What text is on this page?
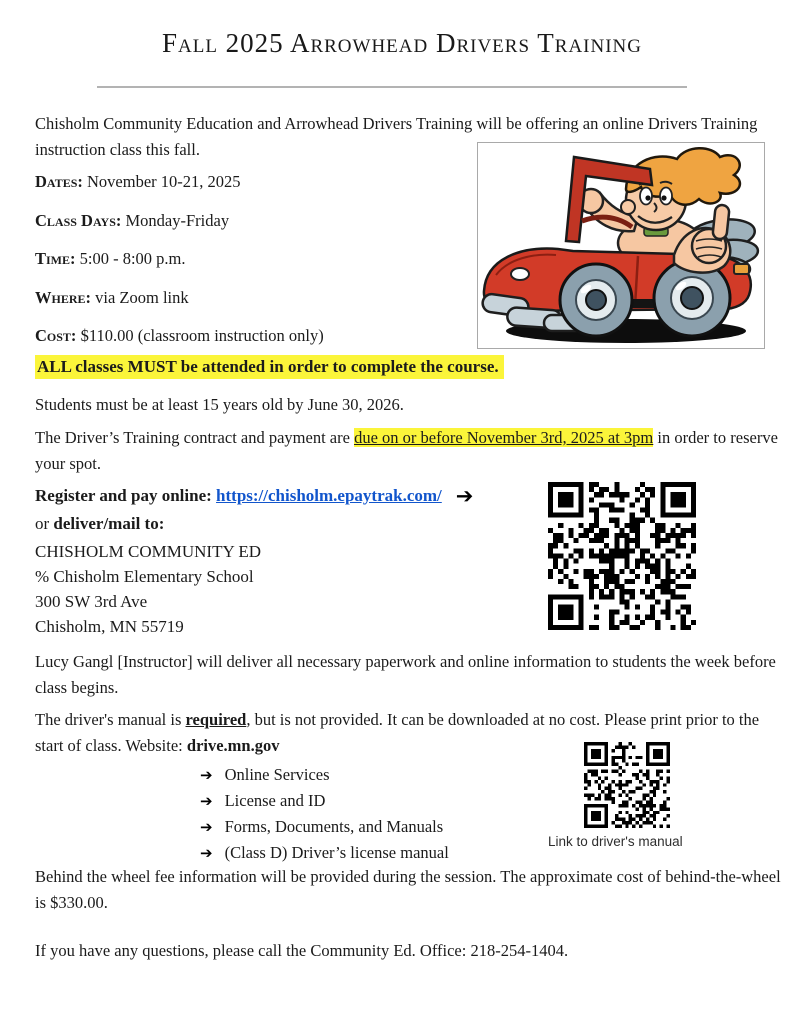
Fall 2025 Arrowhead Drivers Training

Chisholm Community Education and Arrowhead Drivers Training will be offering an online Drivers Training instruction class this fall.

Dates: November 10-21, 2025
Class Days: Monday-Friday
Time: 5:00 - 8:00 p.m.
Where: via Zoom link
Cost: $110.00 (classroom instruction only)

ALL classes MUST be attended in order to complete the course.

Students must be at least 15 years old by June 30, 2026.

The Driver’s Training contract and payment are due on or before November 3rd, 2025 at 3pm in order to reserve your spot.

Register and pay online: https://chisholm.epaytrak.com/ ➔
or deliver/mail to:
CHISHOLM COMMUNITY ED
% Chisholm Elementary School
300 SW 3rd Ave
Chisholm, MN 55719

Lucy Gangl [Instructor] will deliver all necessary paperwork and online information to students the week before class begins.

The driver's manual is required, but is not provided. It can be downloaded at no cost. Please print prior to the start of class. Website: drive.mn.gov

➔ Online Services
➔ License and ID
➔ Forms, Documents, and Manuals
➔ (Class D) Driver’s license manual
Link to driver's manual

Behind the wheel fee information will be provided during the session. The approximate cost of behind-the-wheel is $330.00.

If you have any questions, please call the Community Ed. Office: 218-254-1404.
